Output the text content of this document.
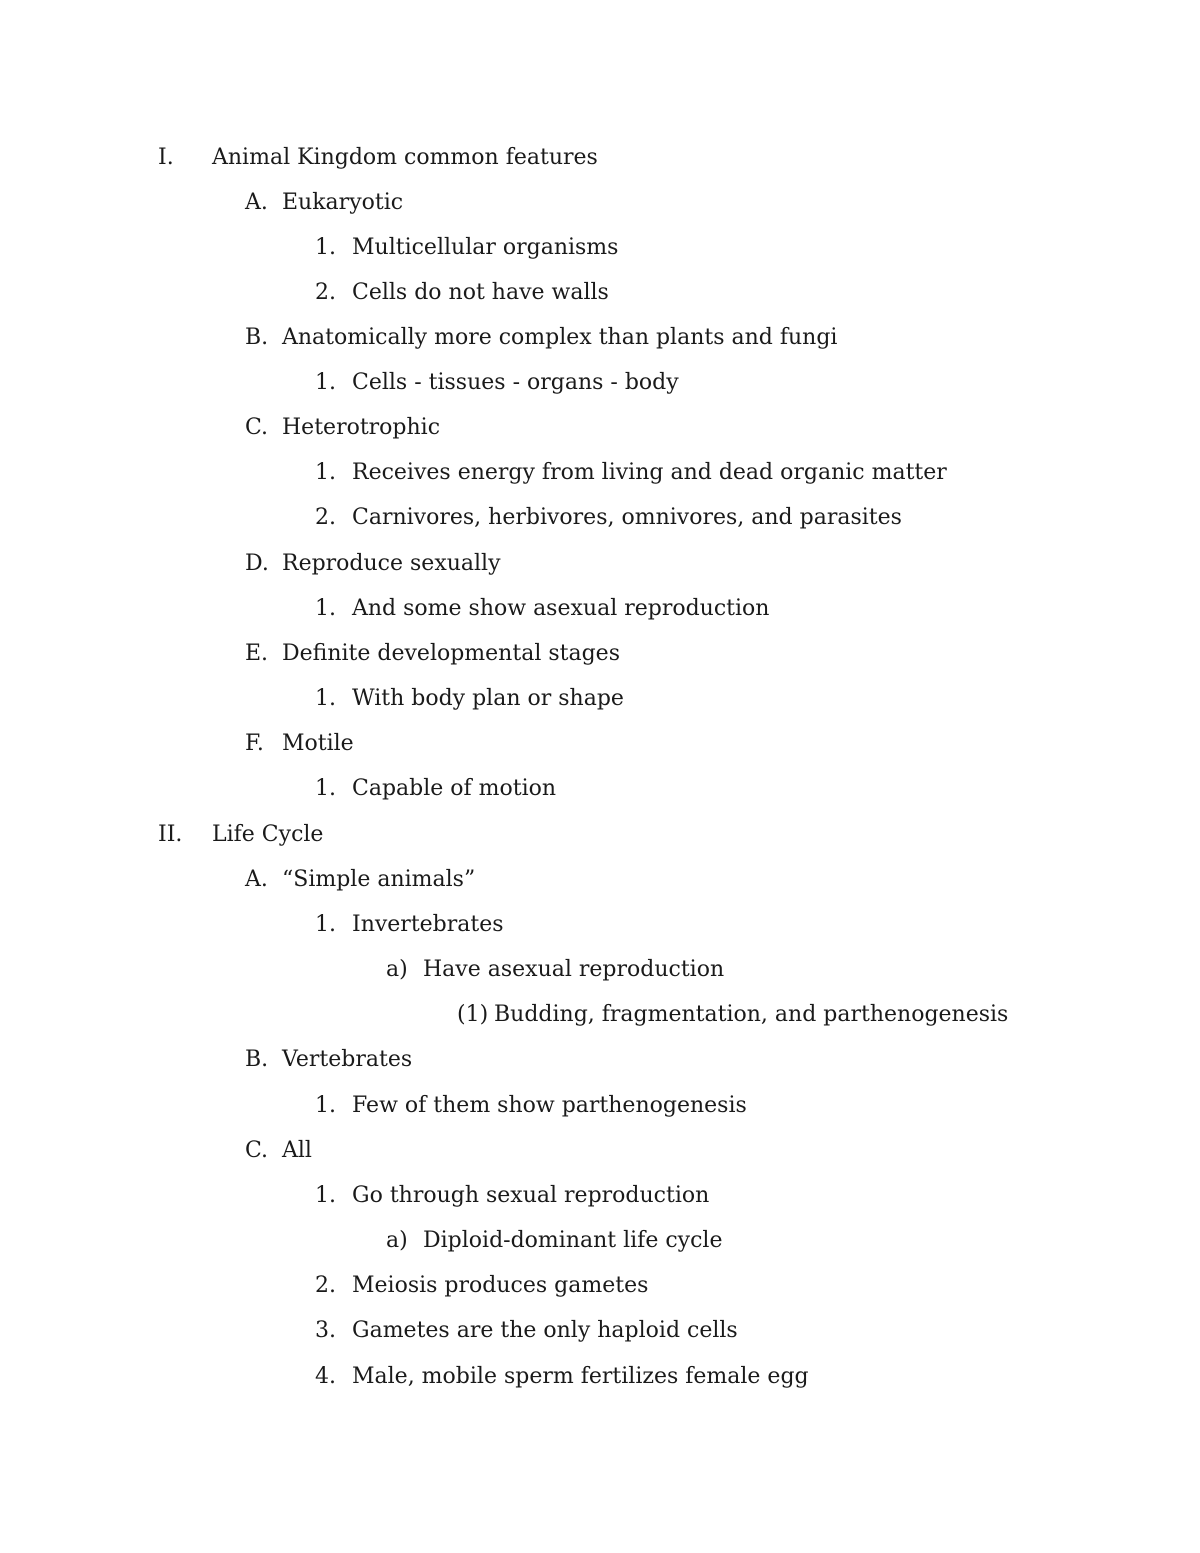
I. Animal Kingdom common features
A. Eukaryotic
1. Multicellular organisms
2. Cells do not have walls
B. Anatomically more complex than plants and fungi
1. Cells - tissues - organs - body
C. Heterotrophic
1. Receives energy from living and dead organic matter
2. Carnivores, herbivores, omnivores, and parasites
D. Reproduce sexually
1. And some show asexual reproduction
E. Definite developmental stages
1. With body plan or shape
F. Motile
1. Capable of motion
II. Life Cycle
A. “Simple animals”
1. Invertebrates
a) Have asexual reproduction
(1) Budding, fragmentation, and parthenogenesis
B. Vertebrates
1. Few of them show parthenogenesis
C. All
1. Go through sexual reproduction
a) Diploid-dominant life cycle
2. Meiosis produces gametes
3. Gametes are the only haploid cells
4. Male, mobile sperm fertilizes female egg
